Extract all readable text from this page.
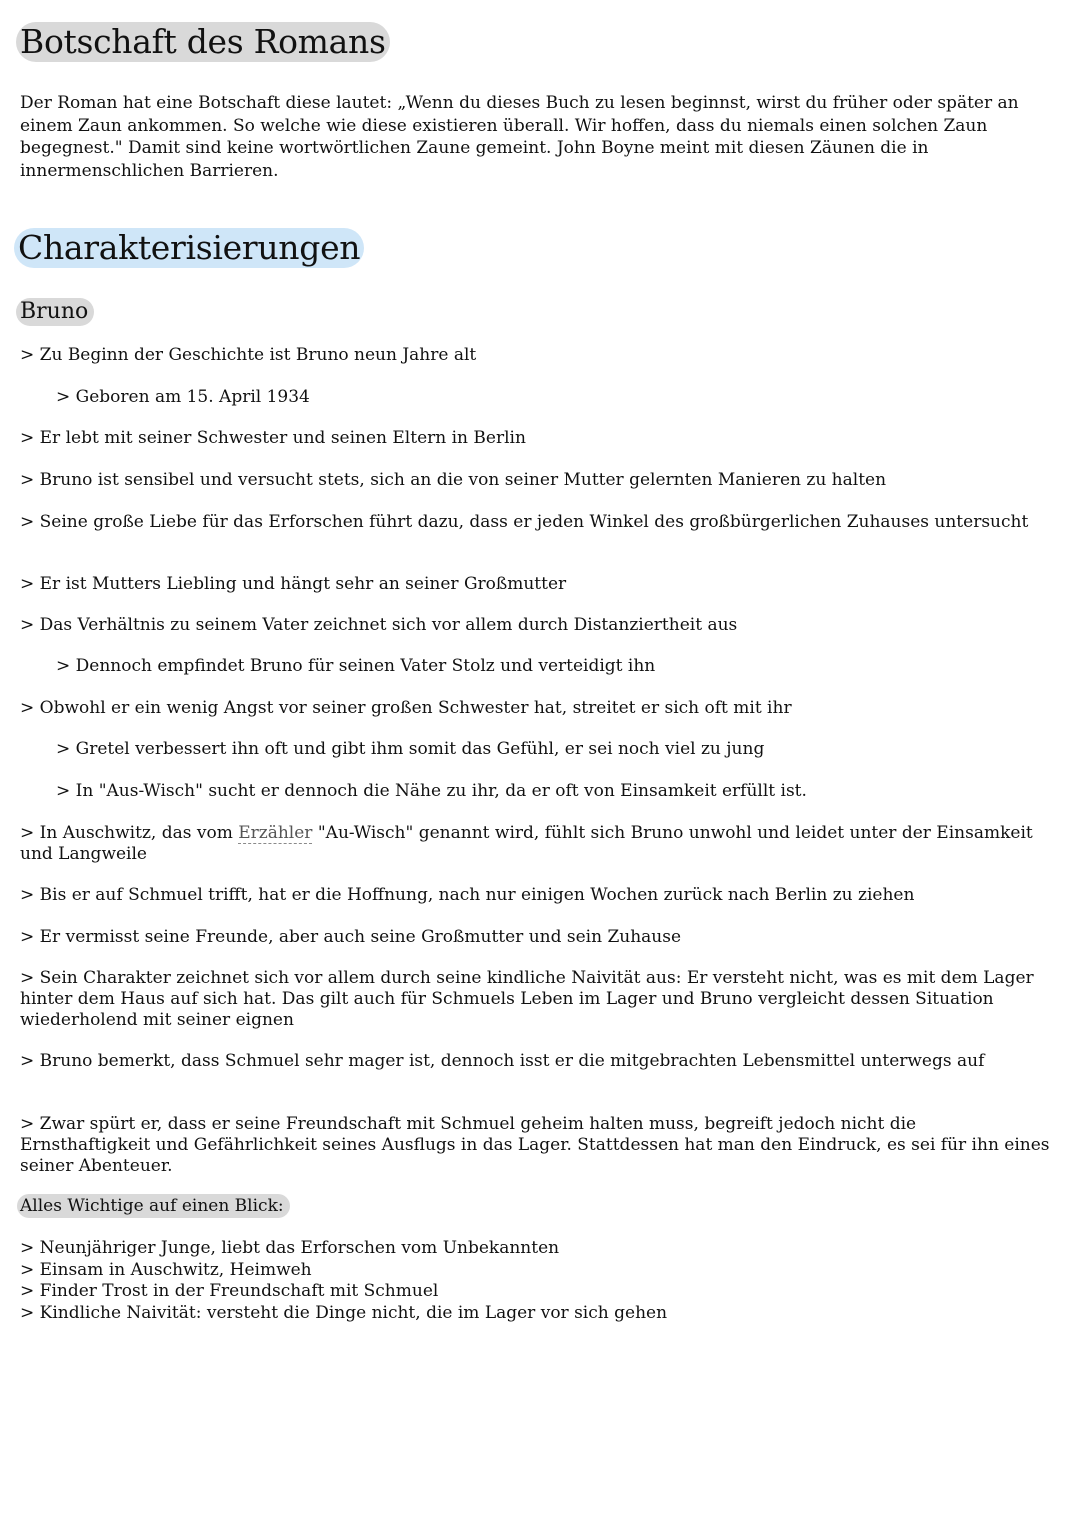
Botschaft des Romans
Der Roman hat eine Botschaft diese lautet: „Wenn du dieses Buch zu lesen beginnst, wirst du früher oder später an einem Zaun ankommen. So welche wie diese existieren überall. Wir hoffen, dass du niemals einen solchen Zaun begegnest." Damit sind keine wortwörtlichen Zaune gemeint. John Boyne meint mit diesen Zäunen die in innermenschlichen Barrieren.
Charakterisierungen
Bruno
> Zu Beginn der Geschichte ist Bruno neun Jahre alt
> Geboren am 15. April 1934
> Er lebt mit seiner Schwester und seinen Eltern in Berlin
> Bruno ist sensibel und versucht stets, sich an die von seiner Mutter gelernten Manieren zu halten
> Seine große Liebe für das Erforschen führt dazu, dass er jeden Winkel des großbürgerlichen Zuhauses untersucht
> Er ist Mutters Liebling und hängt sehr an seiner Großmutter
> Das Verhältnis zu seinem Vater zeichnet sich vor allem durch Distanziertheit aus
> Dennoch empfindet Bruno für seinen Vater Stolz und verteidigt ihn
> Obwohl er ein wenig Angst vor seiner großen Schwester hat, streitet er sich oft mit ihr
> Gretel verbessert ihn oft und gibt ihm somit das Gefühl, er sei noch viel zu jung
> In "Aus-Wisch" sucht er dennoch die Nähe zu ihr, da er oft von Einsamkeit erfüllt ist.
> In Auschwitz, das vom Erzähler "Au-Wisch" genannt wird, fühlt sich Bruno unwohl und leidet unter der Einsamkeit und Langweile
> Bis er auf Schmuel trifft, hat er die Hoffnung, nach nur einigen Wochen zurück nach Berlin zu ziehen
> Er vermisst seine Freunde, aber auch seine Großmutter und sein Zuhause
> Sein Charakter zeichnet sich vor allem durch seine kindliche Naivität aus: Er versteht nicht, was es mit dem Lager hinter dem Haus auf sich hat. Das gilt auch für Schmuels Leben im Lager und Bruno vergleicht dessen Situation wiederholend mit seiner eignen
> Bruno bemerkt, dass Schmuel sehr mager ist, dennoch isst er die mitgebrachten Lebensmittel unterwegs auf
> Zwar spürt er, dass er seine Freundschaft mit Schmuel geheim halten muss, begreift jedoch nicht die Ernsthaftigkeit und Gefährlichkeit seines Ausflugs in das Lager. Stattdessen hat man den Eindruck, es sei für ihn eines seiner Abenteuer.
Alles Wichtige auf einen Blick:
> Neunjähriger Junge, liebt das Erforschen vom Unbekannten
> Einsam in Auschwitz, Heimweh
> Finder Trost in der Freundschaft mit Schmuel
> Kindliche Naivität: versteht die Dinge nicht, die im Lager vor sich gehen
